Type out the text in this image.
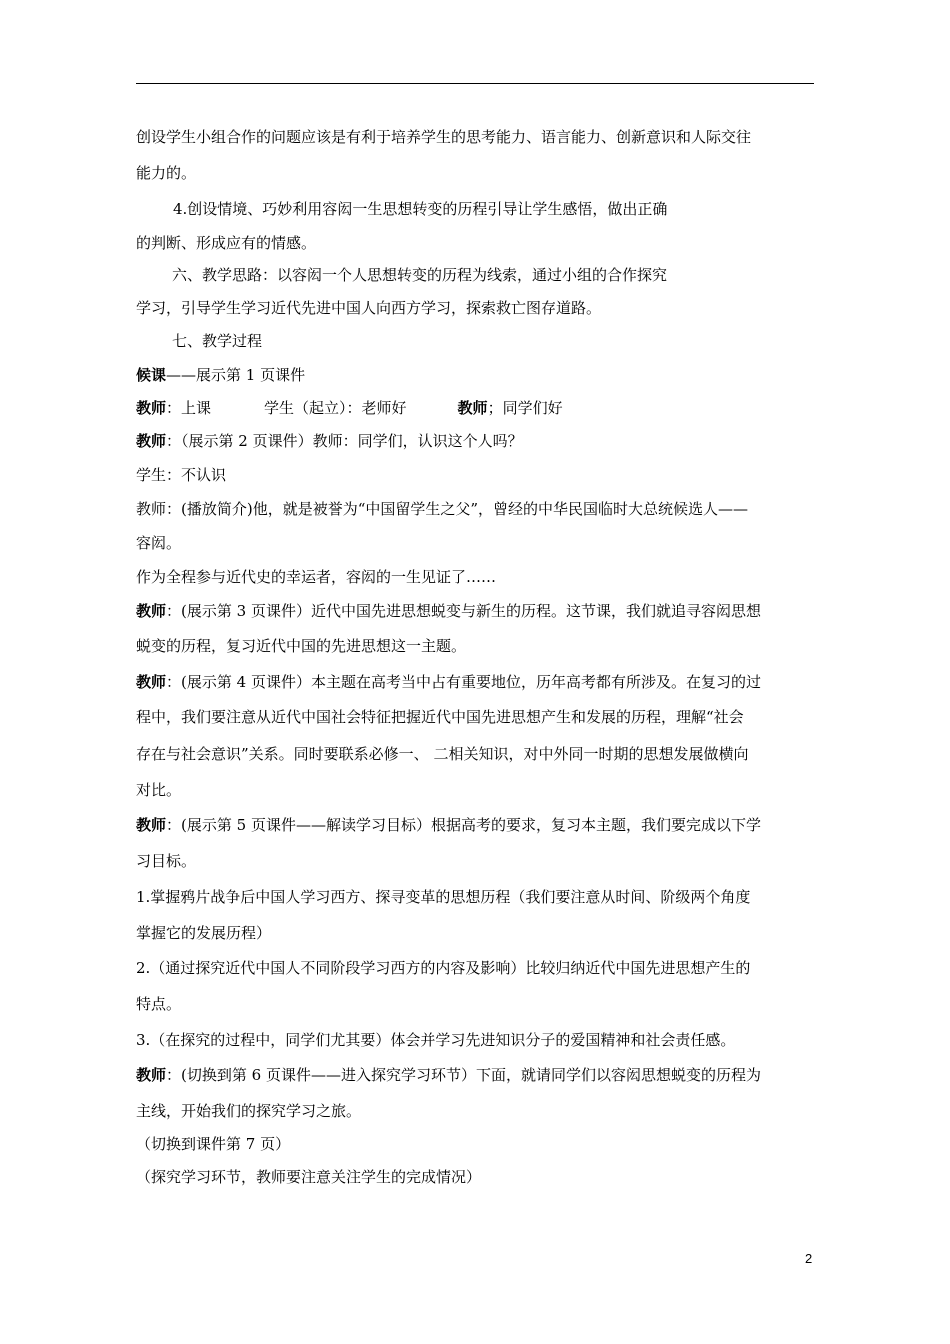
创设学生小组合作的问题应该是有利于培养学生的思考能力、语言能力、创新意识和人际交往
能力的。
4.创设情境、巧妙利用容闳一生思想转变的历程引导让学生感悟，做出正确
的判断、形成应有的情感。
六、教学思路：以容闳一个人思想转变的历程为线索，通过小组的合作探究
学习，引导学生学习近代先进中国人向西方学习，探索救亡图存道路。
七、教学过程
候课——展示第 1 页课件
教师：上课	学生（起立）：老师好	教师；同学们好
教师：（展示第 2 页课件）教师：同学们，认识这个人吗？
学生：不认识
教师：(播放简介)他，就是被誉为“中国留学生之父”，曾经的中华民国临时大总统候选人——
容闳。
作为全程参与近代史的幸运者，容闳的一生见证了……
教师：(展示第 3 页课件）近代中国先进思想蜕变与新生的历程。这节课，我们就追寻容闳思想
蜕变的历程，复习近代中国的先进思想这一主题。
教师：(展示第 4 页课件）本主题在高考当中占有重要地位，历年高考都有所涉及。在复习的过
程中，我们要注意从近代中国社会特征把握近代中国先进思想产生和发展的历程，理解“社会
存在与社会意识”关系。同时要联系必修一、 二相关知识，对中外同一时期的思想发展做横向
对比。
教师：(展示第 5 页课件——解读学习目标）根据高考的要求，复习本主题，我们要完成以下学
习目标。
1.掌握鸦片战争后中国人学习西方、探寻变革的思想历程（我们要注意从时间、阶级两个角度
掌握它的发展历程）
2.（通过探究近代中国人不同阶段学习西方的内容及影响）比较归纳近代中国先进思想产生的
特点。
3.（在探究的过程中，同学们尤其要）体会并学习先进知识分子的爱国精神和社会责任感。
教师：(切换到第 6 页课件——进入探究学习环节）下面，就请同学们以容闳思想蜕变的历程为
主线，开始我们的探究学习之旅。
（切换到课件第 7 页）
（探究学习环节，教师要注意关注学生的完成情况）
2
